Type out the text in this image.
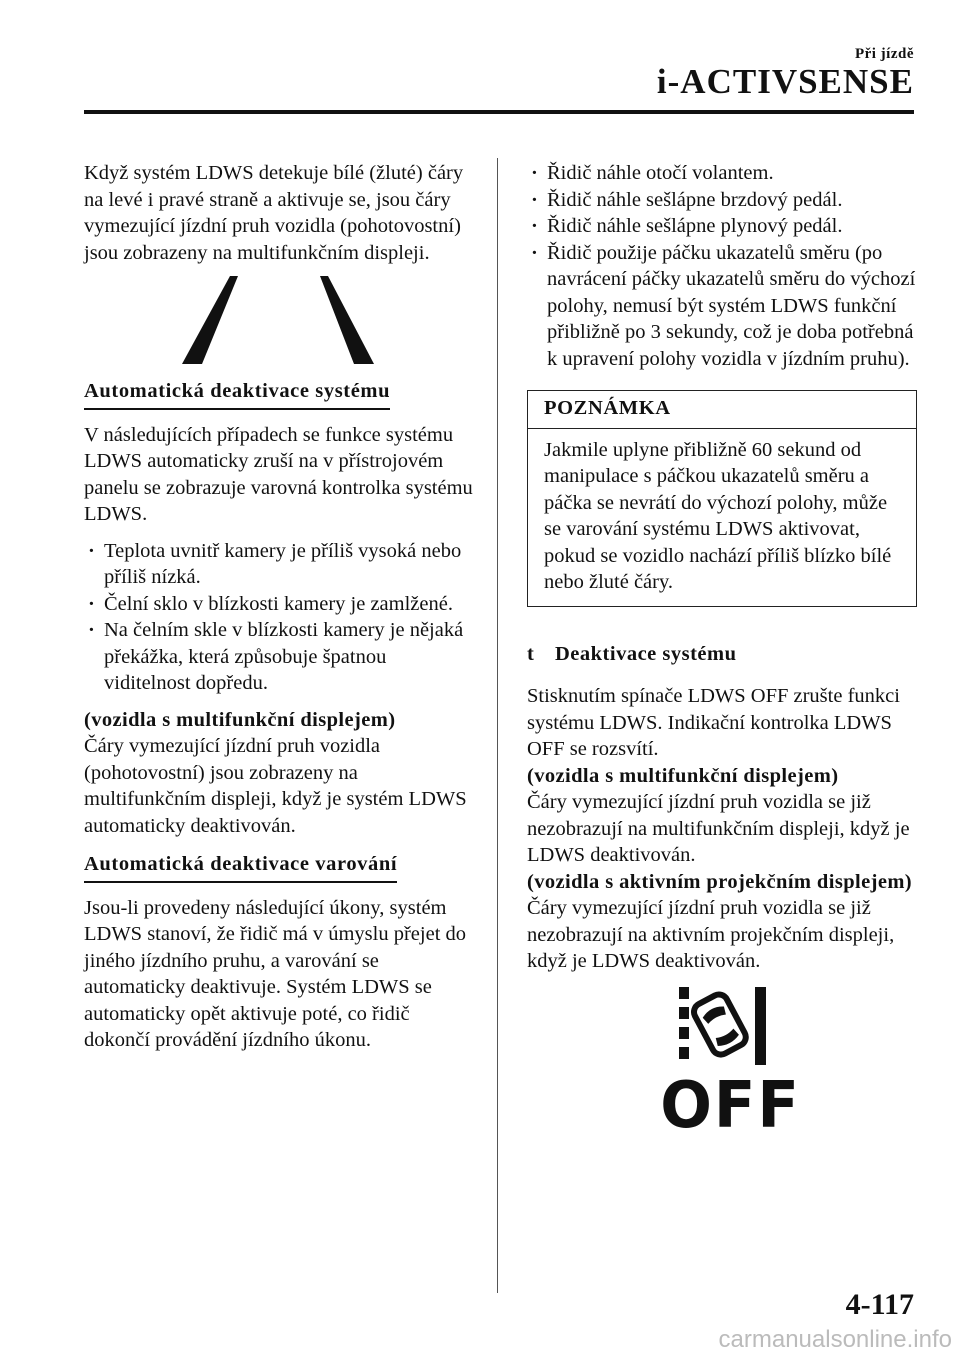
Při jízdě
i-ACTIVSENSE

Když systém LDWS detekuje bílé (žluté) čáry na levé i pravé straně a aktivuje se, jsou čáry vymezující jízdní pruh vozidla (pohotovostní) jsou zobrazeny na multifunkčním displeji.

Automatická deaktivace systému

V následujících případech se funkce systému LDWS automaticky zruší na v přístrojovém panelu se zobrazuje varovná kontrolka systému LDWS.

· Teplota uvnitř kamery je příliš vysoká nebo příliš nízká.
· Čelní sklo v blízkosti kamery je zamlžené.
· Na čelním skle v blízkosti kamery je nějaká překážka, která způsobuje špatnou viditelnost dopředu.

(vozidla s multifunkční displejem)

Čáry vymezující jízdní pruh vozidla (pohotovostní) jsou zobrazeny na multifunkčním displeji, když je systém LDWS automaticky deaktivován.

Automatická deaktivace varování

Jsou-li provedeny následující úkony, systém LDWS stanoví, že řidič má v úmyslu přejet do jiného jízdního pruhu, a varování se automaticky deaktivuje. Systém LDWS se automaticky opět aktivuje poté, co řidič dokončí provádění jízdního úkonu.

· Řidič náhle otočí volantem.
· Řidič náhle sešlápne brzdový pedál.
· Řidič náhle sešlápne plynový pedál.
· Řidič použije páčku ukazatelů směru (po navrácení páčky ukazatelů směru do výchozí polohy, nemusí být systém LDWS funkční přibližně po 3 sekundy, což je doba potřebná k upravení polohy vozidla v jízdním pruhu).
POZNÁMKA
Jakmile uplyne přibližně 60 sekund od manipulace s páčkou ukazatelů směru a páčka se nevrátí do výchozí polohy, může se varování systému LDWS aktivovat, pokud se vozidlo nachází příliš blízko bílé nebo žluté čáry.
t	Deaktivace systému

Stisknutím spínače LDWS OFF zrušte funkci systému LDWS. Indikační kontrolka LDWS OFF se rozsvítí.

(vozidla s multifunkční displejem)

Čáry vymezující jízdní pruh vozidla se již nezobrazují na multifunkčním displeji, když je LDWS deaktivován.

(vozidla s aktivním projekčním displejem)

Čáry vymezující jízdní pruh vozidla se již nezobrazují na aktivním projekčním displeji, když je LDWS deaktivován.

OFF
4-117
carmanualsonline.info
